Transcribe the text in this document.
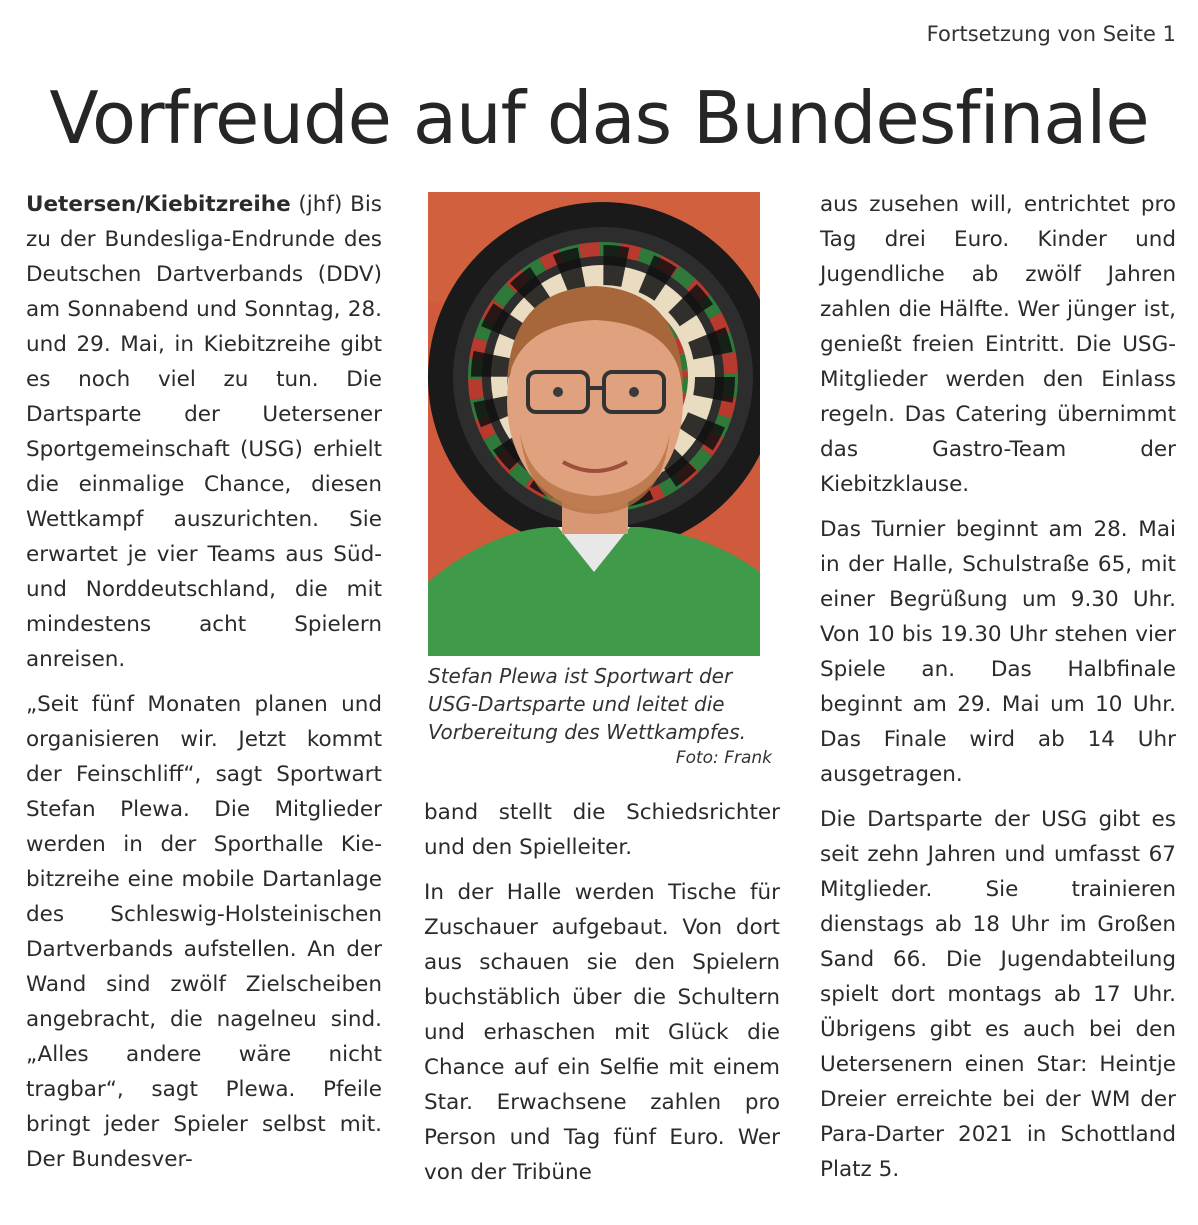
Fortsetzung von Seite 1
Vorfreude auf das Bundesfinale

Uetersen/Kiebitzreihe (jhf) Bis zu der Bundesliga-Endrunde des Deutschen Dartverbands (DDV) am Sonnabend und Sonntag, 28. und 29. Mai, in Kiebitzreihe gibt es noch viel zu tun. Die Dartsparte der Uetersener Sportgemeinschaft (USG) erhielt die einmalige Chance, diesen Wettkampf auszurichten. Sie erwartet je vier Teams aus Süd- und Norddeutschland, die mit mindestens acht Spielern anreisen.

„Seit fünf Monaten planen und organisieren wir. Jetzt kommt der Feinschliff“, sagt Sportwart Stefan Plewa. Die Mitglieder werden in der Sporthalle Kiebitzreihe eine mobile Dartanlage des Schleswig-Holsteinischen Dartverbands aufstellen. An der Wand sind zwölf Zielscheiben angebracht, die nagelneu sind. „Alles andere wäre nicht tragbar“, sagt Plewa. Pfeile bringt jeder Spieler selbst mit. Der Bundesver-

Stefan Plewa ist Sportwart der USG-Dartsparte und leitet die Vorbereitung des Wettkampfes.
Foto: Frank

band stellt die Schiedsrichter und den Spielleiter.

In der Halle werden Tische für Zuschauer aufgebaut. Von dort aus schauen sie den Spielern buchstäblich über die Schultern und erhaschen mit Glück die Chance auf ein Selfie mit einem Star. Erwachsene zahlen pro Person und Tag fünf Euro. Wer von der Tribüne

aus zusehen will, entrichtet pro Tag drei Euro. Kinder und Jugendliche ab zwölf Jahren zahlen die Hälfte. Wer jünger ist, genießt freien Eintritt. Die USG-Mitglieder werden den Einlass regeln. Das Catering übernimmt das Gastro-Team der Kiebitzklause.

Das Turnier beginnt am 28. Mai in der Halle, Schulstraße 65, mit einer Begrüßung um 9.30 Uhr. Von 10 bis 19.30 Uhr stehen vier Spiele an. Das Halbfinale beginnt am 29. Mai um 10 Uhr. Das Finale wird ab 14 Uhr ausgetragen.

Die Dartsparte der USG gibt es seit zehn Jahren und umfasst 67 Mitglieder. Sie trainieren dienstags ab 18 Uhr im Großen Sand 66. Die Jugendabteilung spielt dort montags ab 17 Uhr. Übrigens gibt es auch bei den Uetersenern einen Star: Heintje Dreier erreichte bei der WM der Para-Darter 2021 in Schottland Platz 5.
